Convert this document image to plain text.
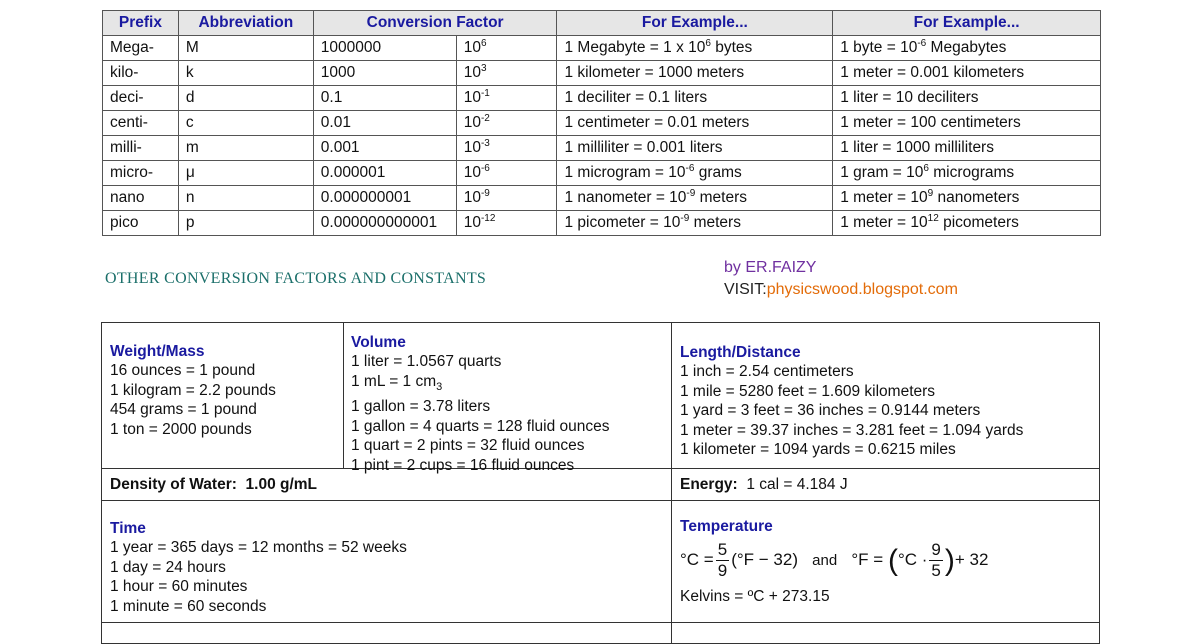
Prefix	Abbreviation	Conversion Factor		For Example...	For Example...
Mega-	M	1000000	$10^6$	1 Megabyte = 1 x $10^6$ bytes	1 byte = $10^{-6}$ Megabytes
kilo-	k	1000	$10^3$	1 kilometer = 1000 meters	1 meter = 0.001 kilometers
deci-	d	0.1	$10^{-1}$	1 deciliter = 0.1 liters	1 liter = 10 deciliters
centi-	c	0.01	$10^{-2}$	1 centimeter = 0.01 meters	1 meter = 100 centimeters
milli-	m	0.001	$10^{-3}$	1 milliliter = 0.001 liters	1 liter = 1000 milliliters
micro-	μ	0.000001	$10^{-6}$	1 microgram = $10^{-6}$ grams	1 gram = $10^6$ micrograms
nano	n	0.000000001	$10^{-9}$	1 nanometer = $10^{-9}$ meters	1 meter = $10^9$ nanometers
pico	p	0.000000000001	$10^{-12}$	1 picometer = $10^{-9}$ meters	1 meter = $10^{12}$ picometers
OTHER CONVERSION FACTORS AND CONSTANTS
by ER.FAIZY
VISIT:physicswood.blogspot.com
Weight/Mass
16 ounces = 1 pound
1 kilogram = 2.2 pounds
454 grams = 1 pound
1 ton = 2000 pounds
Volume
1 liter = 1.0567 quarts
1 mL = 1 $cm_3$
1 gallon = 3.78 liters
1 gallon = 4 quarts = 128 fluid ounces
1 quart = 2 pints = 32 fluid ounces
1 pint = 2 cups = 16 fluid ounces
Length/Distance
1 inch = 2.54 centimeters
1 mile = 5280 feet = 1.609 kilometers
1 yard = 3 feet = 36 inches = 0.9144 meters
1 meter = 39.37 inches = 3.281 feet = 1.094 yards
1 kilometer = 1094 yards = 0.6215 miles
Density of Water: 1.00 g/mL	Energy: 1 cal = 4.184 J
Time
1 year = 365 days = 12 months = 52 weeks
1 day = 24 hours
1 hour = 60 minutes
1 minute = 60 seconds
Temperature
$^\circ C = \frac{5}{9} (^\circ F - 32)$ and $^\circ F = (^\circ C \cdot \frac{9}{5}$ )+ 32
Kelvins = ºC + 273.15
